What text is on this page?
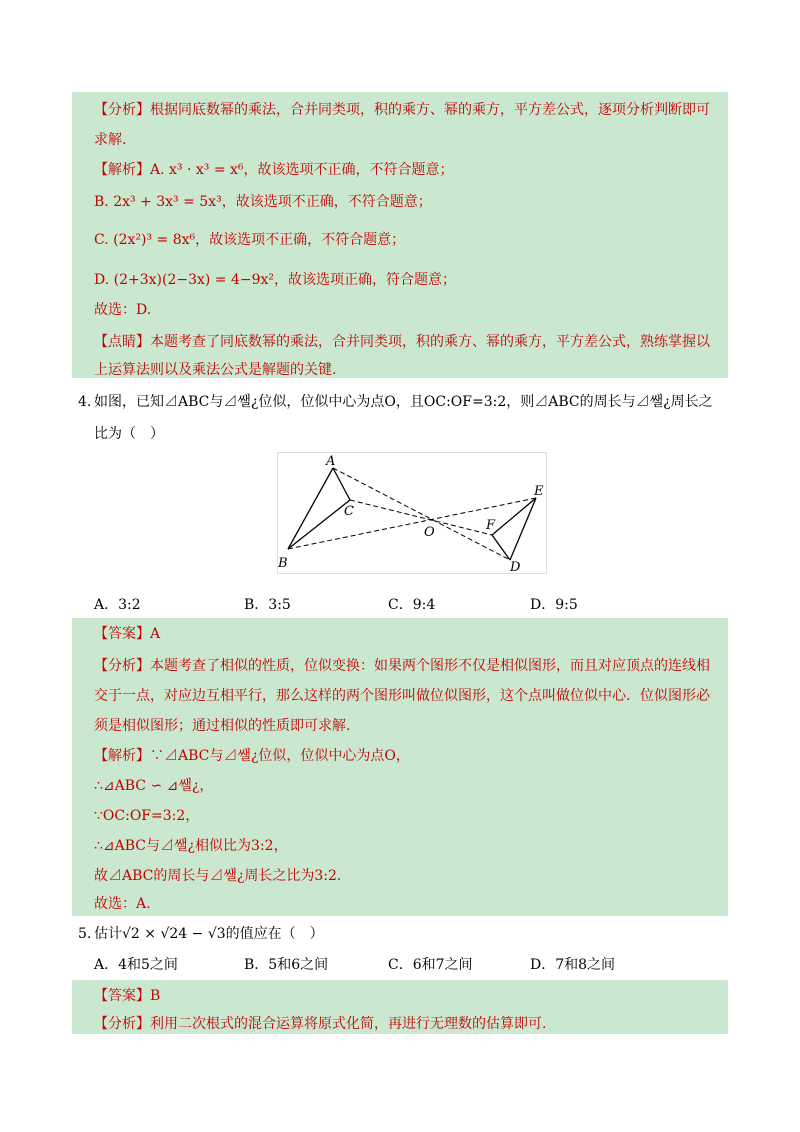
【分析】根据同底数幂的乘法，合并同类项，积的乘方、幂的乘方，平方差公式，逐项分析判断即可
求解.
【解析】A. x³ · x³ = x⁶，故该选项不正确，不符合题意；
B. 2x³ + 3x³ = 5x³，故该选项不正确，不符合题意；
C. (2x²)³ = 8x⁶，故该选项不正确，不符合题意；
D. (2+3x)(2−3x) = 4−9x²，故该选项正确，符合题意；
故选：D.
【点睛】本题考查了同底数幂的乘法，合并同类项，积的乘方、幂的乘方，平方差公式，熟练掌握以
上运算法则以及乘法公式是解题的关键.
4. 如图，已知⊿ABC与⊿쌜¿位似，位似中心为点O，且OC:OF=3:2，则⊿ABC的周长与⊿쌜¿周长之
比为（　）
A
B
C
O
E
F
D
A．3:2	B．3:5	C．9:4	D．9:5
【答案】A
【分析】本题考查了相似的性质，位似变换：如果两个图形不仅是相似图形，而且对应顶点的连线相
交于一点，对应边互相平行，那么这样的两个图形叫做位似图形，这个点叫做位似中心．位似图形必
须是相似图形；通过相似的性质即可求解.
【解析】∵⊿ABC与⊿쌜¿位似，位似中心为点O，
∴⊿ABC ∽ ⊿쌜¿，
∵OC:OF=3:2，
∴⊿ABC与⊿쌜¿相似比为3:2，
故⊿ABC的周长与⊿쌜¿周长之比为3:2.
故选：A.
5. 估计√2 × √24 − √3的值应在（　）
A．4和5之间	B．5和6之间	C．6和7之间	D．7和8之间
【答案】B
【分析】利用二次根式的混合运算将原式化简，再进行无理数的估算即可.
